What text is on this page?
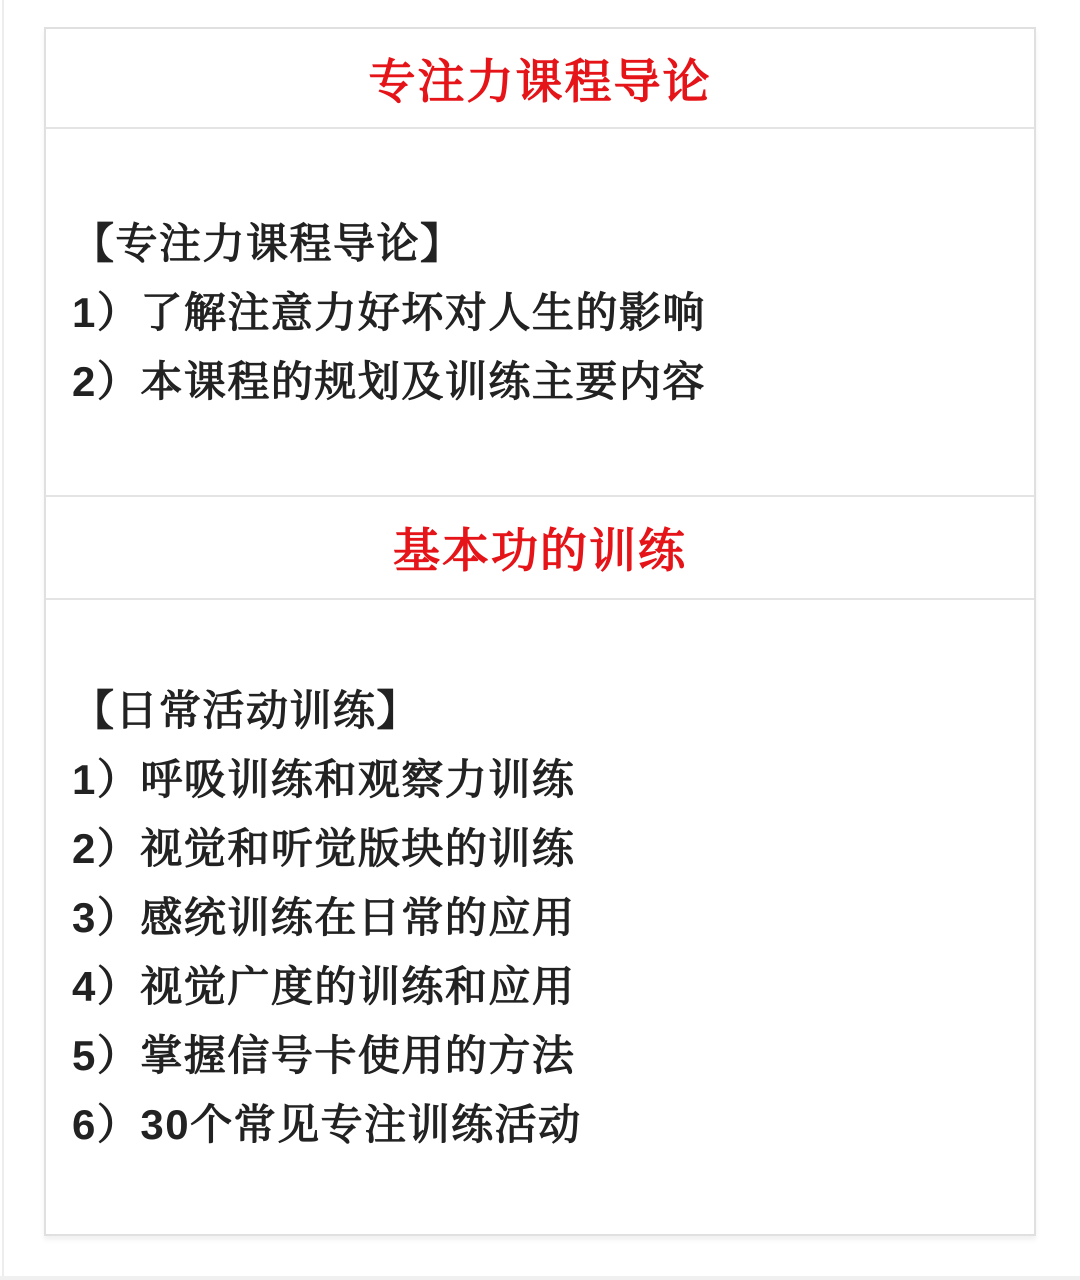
专注力课程导论
【专注力课程导论】
1）了解注意力好坏对人生的影响
2）本课程的规划及训练主要内容
基本功的训练
【日常活动训练】
1）呼吸训练和观察力训练
2）视觉和听觉版块的训练
3）感统训练在日常的应用
4）视觉广度的训练和应用
5）掌握信号卡使用的方法
6）30个常见专注训练活动
